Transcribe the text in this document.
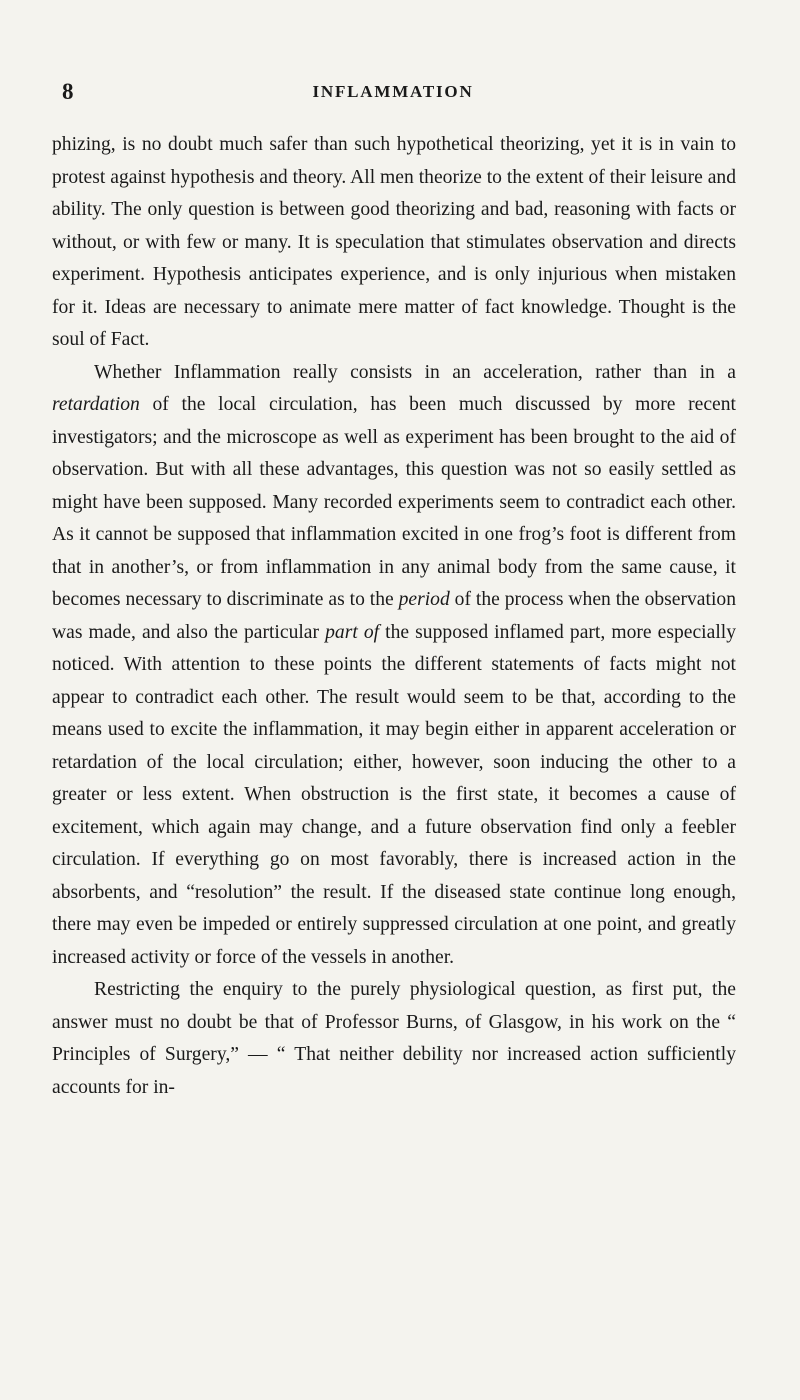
8	INFLAMMATION

phizing, is no doubt much safer than such hypothetical theorizing, yet it is in vain to protest against hypothesis and theory. All men theorize to the extent of their leisure and ability. The only question is between good theorizing and bad, reasoning with facts or without, or with few or many. It is speculation that stimulates observation and directs experiment. Hypothesis anticipates experience, and is only injurious when mistaken for it. Ideas are necessary to animate mere matter of fact knowledge. Thought is the soul of Fact.

Whether Inflammation really consists in an acceleration, rather than in a retardation of the local circulation, has been much discussed by more recent investigators; and the microscope as well as experiment has been brought to the aid of observation. But with all these advantages, this question was not so easily settled as might have been supposed. Many recorded experiments seem to contradict each other. As it cannot be supposed that inflammation excited in one frog’s foot is different from that in another’s, or from inflammation in any animal body from the same cause, it becomes necessary to discriminate as to the period of the process when the observation was made, and also the particular part of the supposed inflamed part, more especially noticed. With attention to these points the different statements of facts might not appear to contradict each other. The result would seem to be that, according to the means used to excite the inflammation, it may begin either in apparent acceleration or retardation of the local circulation; either, however, soon inducing the other to a greater or less extent. When obstruction is the first state, it becomes a cause of excitement, which again may change, and a future observation find only a feebler circulation. If everything go on most favorably, there is increased action in the absorbents, and “resolution” the result. If the diseased state continue long enough, there may even be impeded or entirely suppressed circulation at one point, and greatly increased activity or force of the vessels in another.

Restricting the enquiry to the purely physiological question, as first put, the answer must no doubt be that of Professor Burns, of Glasgow, in his work on the “ Principles of Surgery,” — “ That neither debility nor increased action sufficiently accounts for in-
